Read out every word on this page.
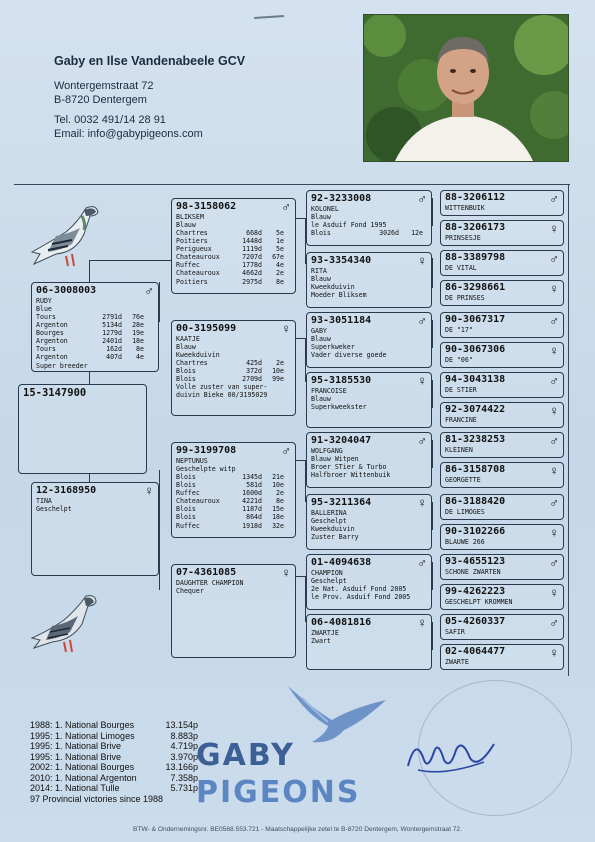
Gaby en Ilse Vandenabeele GCV
Wontergemstraat 72
B-8720 Dentergem
Tel. 0032 491/14 28 91
Email: info@gabypigeons.com
15-3147900
06-3008003	♂
RUDY
Blue
Tours	2791d	76e
Argenton	5134d	28e
Bourges	1279d	19e
Argenton	2401d	18e
Tours	162d	8e
Argenton	407d	4e
Super breeder
12-3168950	♀
TINA
Geschelpt
98-3158062	♂
BLIKSEM
Blauw
Chartres	668d	5e
Poitiers	1448d	1e
Perigueux	1119d	5e
Chateauroux	7207d	67e
Ruffec	1778d	4e
Chateauroux	4662d	2e
Poitiers	2975d	8e
00-3195099	♀
KAATJE
Blauw
Kweekduivin
Chartres	425d	2e
Blois	372d	10e
Blois	2709d	99e
Volle zuster van super-
duivin Bieke 00/3195029
99-3199708	♂
NEPTUNUS
Geschelpte witp
Blois	1345d	21e
Blois	581d	10e
Ruffec	1600d	2e
Chateauroux	4221d	8e
Blois	1187d	15e
Blois	864d	18e
Ruffec	1918d	32e
07-4361085	♀
DAUGHTER CHAMPION
Chequer
92-3233008	♂
KOLONEL
Blauw
le Asduif Fond 1995
Blois	3026d	12e
93-3354340	♀
RITA
Blauw
Kweekduivin
Moeder Bliksem
93-3051184	♂
GABY
Blauw
Superkweker
Vader diverse goede
95-3185530	♀
FRANCOISE
Blauw
Superkweekster
91-3204047	♂
WOLFGANG
Blauw Witpen
Broer STier & Turbo
Halfbroer Wittenbuik
95-3211364	♀
BALLERINA
Geschelpt
Kweekduivin
Zuster Barry
01-4094638	♂
CHAMPION
Geschelpt
2e Nat. Asduif Fond 2005
le Prov. Asduif Fond 2005
06-4081816	♀
ZWARTJE
Zwart
88-3206112	♂
WITTENBUIK
88-3206173	♀
PRINSESJE
88-3389798	♂
DE VITAL
86-3298661	♀
DE PRINSES
90-3067317	♂
DE "17"
90-3067306	♀
DE "06"
94-3043138	♂
DE STIER
92-3074422	♀
FRANCINE
81-3238253	♂
KLEINEN
86-3158708	♀
GEORGETTE
86-3188420	♂
DE LIMOGES
90-3102266	♀
BLAUWE 266
93-4655123	♂
SCHONE ZWARTEN
99-4262223	♀
GESCHELPT KROMMEN
05-4260337	♂
SAFIR
02-4064477	♀
ZWARTE
1988: 1. National Bourges	13.154p
1995: 1. National Limoges	8.883p
1995: 1. National Brive	4.719p
1995: 1. National Brive	3.970p
2002: 1. National Bourges	13.166p
2010: 1. National Argenton	7.358p
2014: 1. National Tulle	5.731p
97 Provincial victories since 1988
GABY
PIGEONS
BTW- & Ondernemingsnr. BE0568.553.721 - Maatschappelijke zetel te B-8720 Dentergem, Wontergemstraat 72.
